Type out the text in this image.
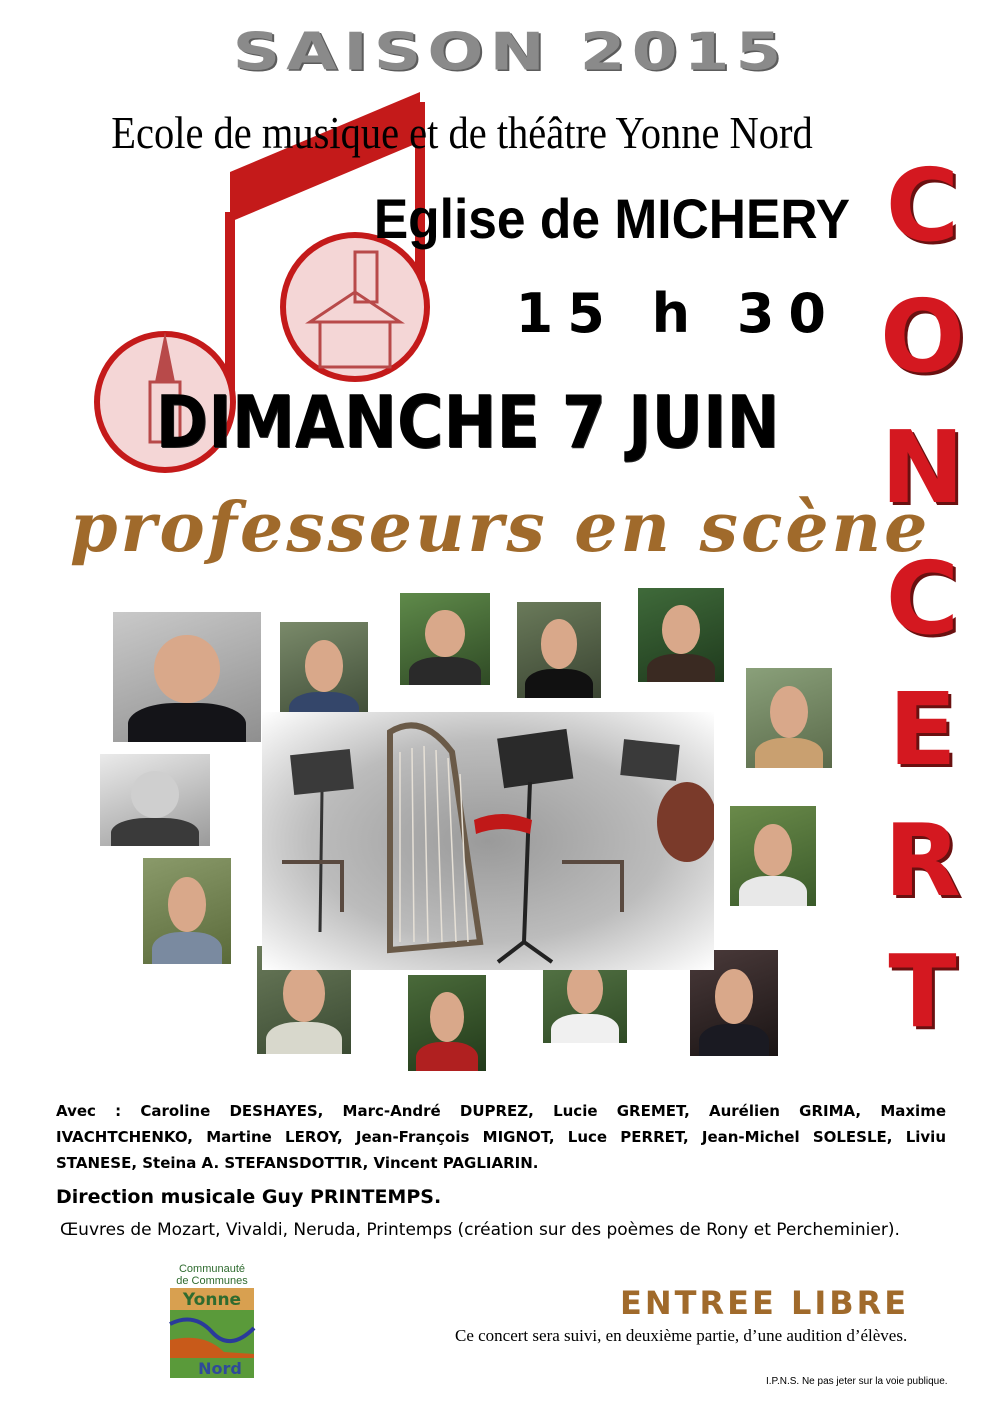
SAISON 2015
Ecole de musique et de théâtre Yonne Nord
Eglise de MICHERY
15 h 30
DIMANCHE 7 JUIN
professeurs en scène
C
O
N
C
E
R
T
Avec : Caroline DESHAYES, Marc-André DUPREZ, Lucie GREMET, Aurélien GRIMA, Maxime IVACHTCHENKO, Martine LEROY, Jean-François MIGNOT, Luce PERRET, Jean-Michel SOLESLE, Liviu STANESE, Steina A. STEFANSDOTTIR, Vincent PAGLIARIN.
Direction musicale Guy PRINTEMPS.
Œuvres de Mozart, Vivaldi, Neruda, Printemps (création sur des poèmes de Rony et Percheminier).
Communauté
de Communes
Yonne
Nord
ENTREE LIBRE
Ce concert sera suivi, en deuxième partie, d’une audition d’élèves.
I.P.N.S. Ne pas jeter sur la voie publique.
